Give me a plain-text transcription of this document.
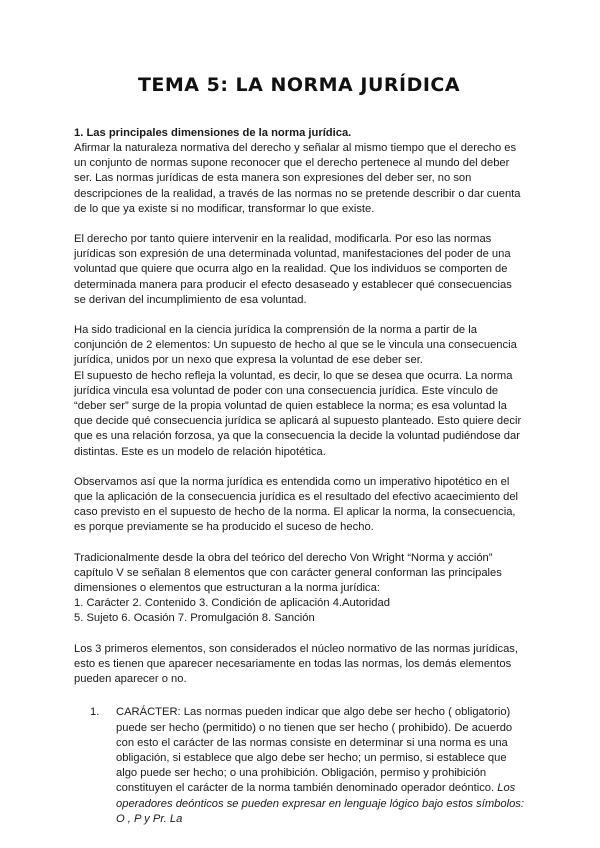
TEMA 5: LA NORMA JURÍDICA
1. Las principales dimensiones de la norma jurídica.

Afirmar la naturaleza normativa del derecho y señalar al mismo tiempo que el derecho es un conjunto de normas supone reconocer que el derecho pertenece al mundo del deber ser. Las normas jurídicas de esta manera son expresiones del deber ser, no son descripciones de la realidad, a través de las normas no se pretende describir o dar cuenta de lo que ya existe si no modificar, transformar lo que existe.

El derecho por tanto quiere intervenir en la realidad, modificarla. Por eso las normas jurídicas son expresión de una determinada voluntad, manifestaciones del poder de una voluntad que quiere que ocurra algo en la realidad. Que los individuos se comporten de determinada manera para producir el efecto desaseado y establecer qué consecuencias se derivan del incumplimiento de esa voluntad.

Ha sido tradicional en la ciencia jurídica la comprensión de la norma a partir de la conjunción de 2 elementos: Un supuesto de hecho al que se le vincula una consecuencia jurídica, unidos por un nexo que expresa la voluntad de ese deber ser.

El supuesto de hecho refleja la voluntad, es decir, lo que se desea que ocurra. La norma jurídica vincula esa voluntad de poder con una consecuencia jurídica. Este vínculo de “deber ser” surge de la propia voluntad de quien establece la norma; es esa voluntad la que decide qué consecuencia jurídica se aplicará al supuesto planteado. Esto quiere decir que es una relación forzosa, ya que la consecuencia la decide la voluntad pudiéndose dar distintas. Este es un modelo de relación hipotética.

Observamos así que la norma jurídica es entendida como un imperativo hipotético en el que la aplicación de la consecuencia jurídica es el resultado del efectivo acaecimiento del caso previsto en el supuesto de hecho de la norma. El aplicar la norma, la consecuencia, es porque previamente se ha producido el suceso de hecho.

Tradicionalmente desde la obra del teórico del derecho Von Wright “Norma y acción” capítulo V se señalan 8 elementos que con carácter general conforman las principales dimensiones o elementos que estructuran a la norma jurídica:

1. Carácter 2. Contenido 3. Condición de aplicación 4.Autoridad

5. Sujeto 6. Ocasión 7. Promulgación 8. Sanción

Los 3 primeros elementos, son considerados el núcleo normativo de las normas jurídicas, esto es tienen que aparecer necesariamente en todas las normas, los demás elementos pueden aparecer o no.

1.	CARÁCTER: Las normas pueden indicar que algo debe ser hecho ( obligatorio) puede ser hecho (permitido) o no tienen que ser hecho ( prohibido). De acuerdo con esto el carácter de las normas consiste en determinar si una norma es una obligación, si establece que algo debe ser hecho; un permiso, si establece que algo puede ser hecho; o una prohibición. Obligación, permiso y prohibición constituyen el carácter de la norma también denominado operador deóntico. Los operadores deónticos se pueden expresar en lenguaje lógico bajo estos símbolos: O , P y Pr. La
